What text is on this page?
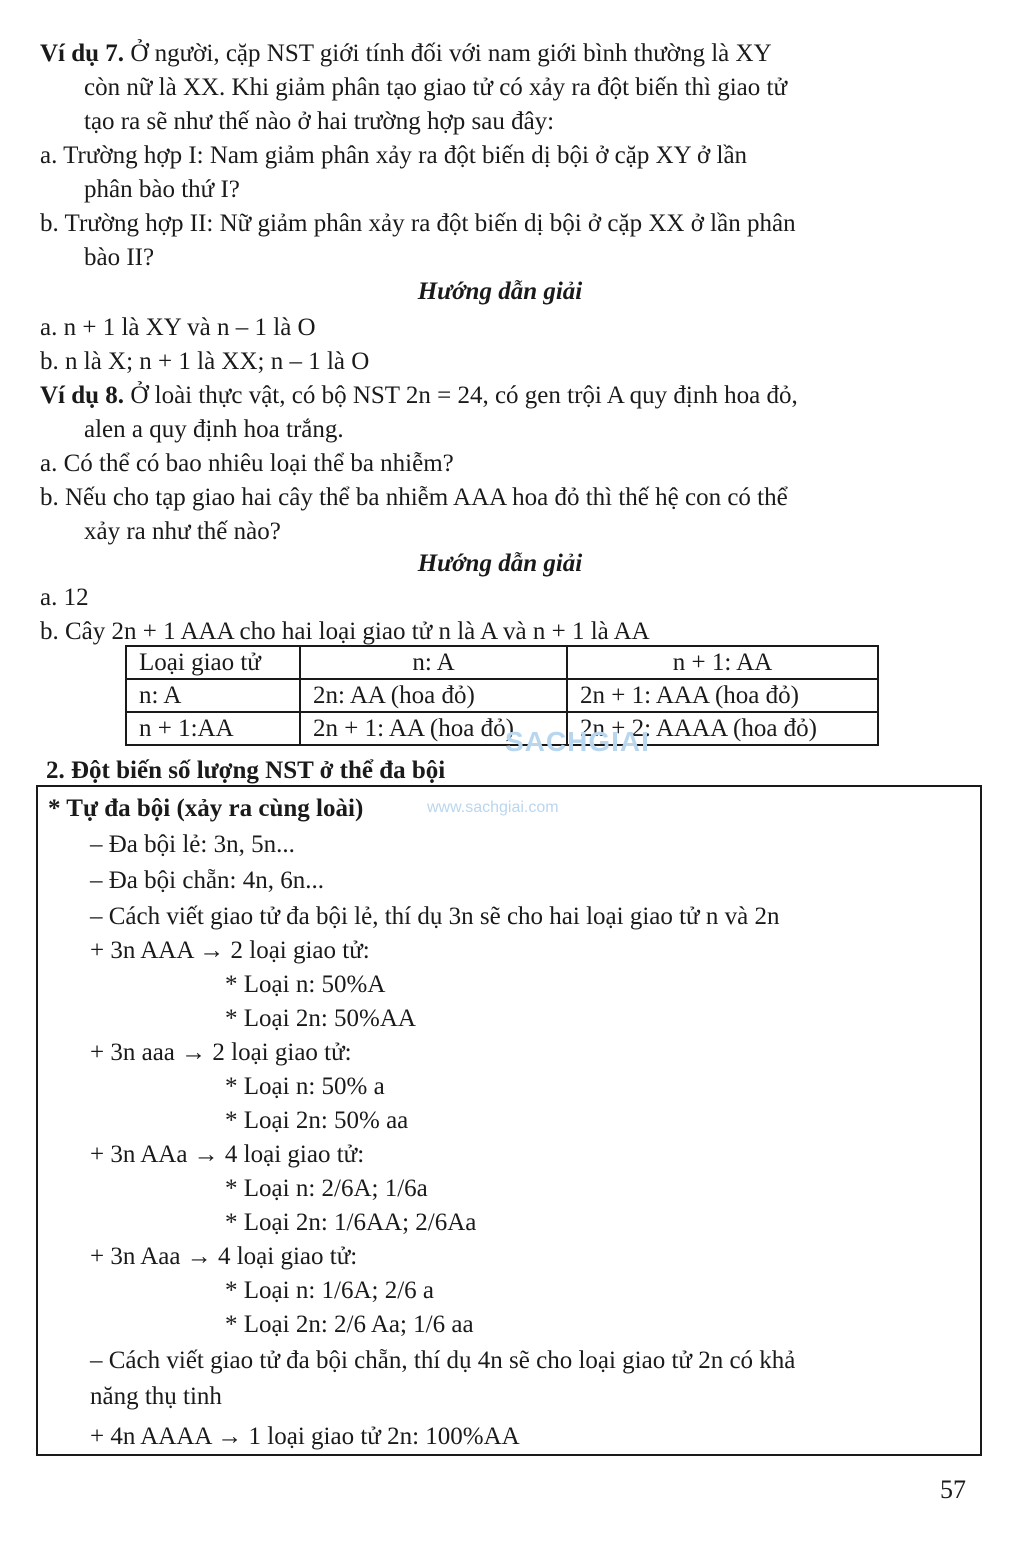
Ví dụ 7. Ở người, cặp NST giới tính đối với nam giới bình thường là XY
còn nữ là XX. Khi giảm phân tạo giao tử có xảy ra đột biến thì giao tử
tạo ra sẽ như thế nào ở hai trường hợp sau đây:
a. Trường hợp I: Nam giảm phân xảy ra đột biến dị bội ở cặp XY ở lần
phân bào thứ I?
b. Trường hợp II: Nữ giảm phân xảy ra đột biến dị bội ở cặp XX ở lần phân
bào II?
Hướng dẫn giải
a. n + 1 là XY và n – 1 là O
b. n là X; n + 1 là XX; n – 1 là O
Ví dụ 8. Ở loài thực vật, có bộ NST 2n = 24, có gen trội A quy định hoa đỏ,
alen a quy định hoa trắng.
a. Có thể có bao nhiêu loại thể ba nhiễm?
b. Nếu cho tạp giao hai cây thể ba nhiễm AAA hoa đỏ thì thế hệ con có thể
xảy ra như thế nào?
Hướng dẫn giải
a. 12
b. Cây 2n + 1 AAA cho hai loại giao tử n là A và n + 1 là AA
Loại giao tử	n: A	n + 1: AA
n: A	2n: AA (hoa đỏ)	2n + 1: AAA (hoa đỏ)
n + 1:AA	2n + 1: AA (hoa đỏ)	2n + 2: AAAA (hoa đỏ)
SACHGIAI
2. Đột biến số lượng NST ở thể đa bội
www.sachgiai.com
* Tự đa bội (xảy ra cùng loài)
– Đa bội lẻ: 3n, 5n...
– Đa bội chẵn: 4n, 6n...
– Cách viết giao tử đa bội lẻ, thí dụ 3n sẽ cho hai loại giao tử n và 2n
+ 3n AAA → 2 loại giao tử:
* Loại n: 50%A
* Loại 2n: 50%AA
+ 3n aaa → 2 loại giao tử:
* Loại n: 50% a
* Loại 2n: 50% aa
+ 3n AAa → 4 loại giao tử:
* Loại n: 2/6A; 1/6a
* Loại 2n: 1/6AA; 2/6Aa
+ 3n Aaa → 4 loại giao tử:
* Loại n: 1/6A; 2/6 a
* Loại 2n: 2/6 Aa; 1/6 aa
– Cách viết giao tử đa bội chẵn, thí dụ 4n sẽ cho loại giao tử 2n có khả
năng thụ tinh
+ 4n AAAA → 1 loại giao tử 2n: 100%AA
57
